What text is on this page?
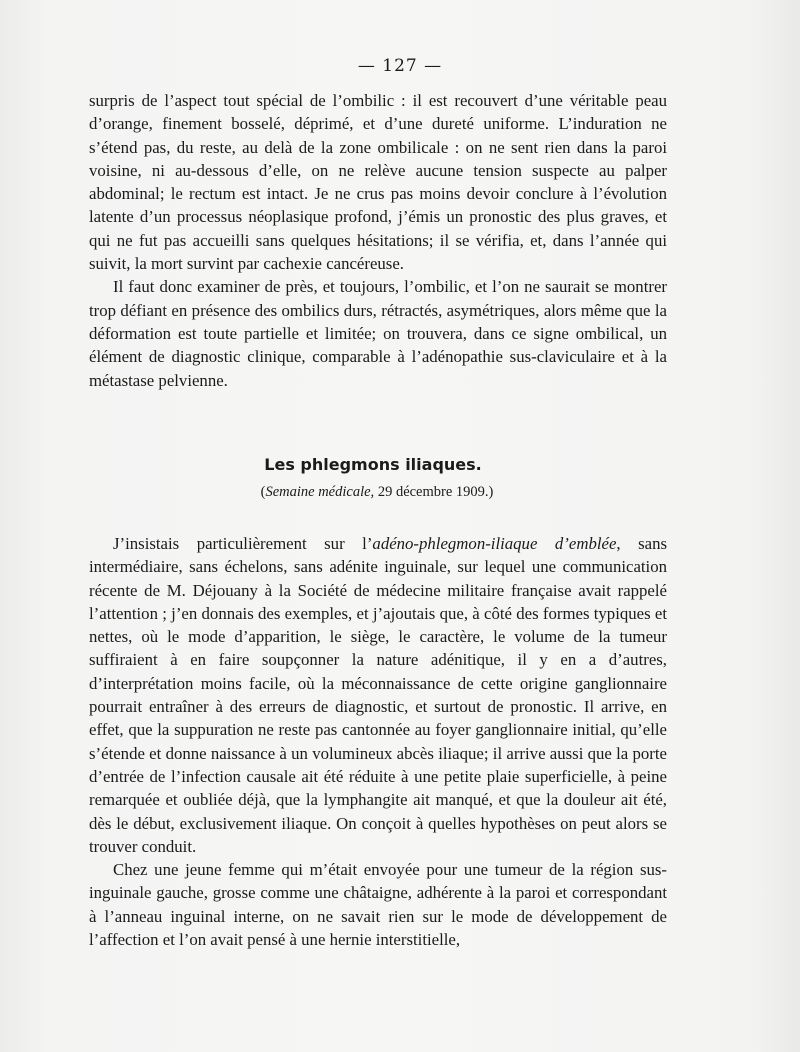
— 127 —

surpris de l’aspect tout spécial de l’ombilic : il est recouvert d’une véritable peau d’orange, finement bosselé, déprimé, et d’une dureté uniforme. L’induration ne s’étend pas, du reste, au delà de la zone ombilicale : on ne sent rien dans la paroi voisine, ni au-dessous d’elle, on ne relève aucune tension suspecte au palper abdominal; le rectum est intact. Je ne crus pas moins devoir conclure à l’évolution latente d’un processus néoplasique profond, j’émis un pronostic des plus graves, et qui ne fut pas accueilli sans quelques hésitations; il se vérifia, et, dans l’année qui suivit, la mort survint par cachexie cancéreuse.

Il faut donc examiner de près, et toujours, l’ombilic, et l’on ne saurait se montrer trop défiant en présence des ombilics durs, rétractés, asymétriques, alors même que la déformation est toute partielle et limitée; on trouvera, dans ce signe ombilical, un élément de diagnostic clinique, comparable à l’adénopathie sus-claviculaire et à la métastase pelvienne.

Les phlegmons iliaques.
(Semaine médicale, 29 décembre 1909.)

J’insistais particulièrement sur l’adéno-phlegmon-iliaque d’emblée, sans intermédiaire, sans échelons, sans adénite inguinale, sur lequel une communication récente de M. Déjouany à la Société de médecine militaire française avait rappelé l’attention ; j’en donnais des exemples, et j’ajoutais que, à côté des formes typiques et nettes, où le mode d’apparition, le siège, le caractère, le volume de la tumeur suffiraient à en faire soupçonner la nature adénitique, il y en a d’autres, d’interprétation moins facile, où la méconnaissance de cette origine ganglionnaire pourrait entraîner à des erreurs de diagnostic, et surtout de pronostic. Il arrive, en effet, que la suppuration ne reste pas cantonnée au foyer ganglionnaire initial, qu’elle s’étende et donne naissance à un volumineux abcès iliaque; il arrive aussi que la porte d’entrée de l’infection causale ait été réduite à une petite plaie superficielle, à peine remarquée et oubliée déjà, que la lymphangite ait manqué, et que la douleur ait été, dès le début, exclusivement iliaque. On conçoit à quelles hypothèses on peut alors se trouver conduit.

Chez une jeune femme qui m’était envoyée pour une tumeur de la région sus-inguinale gauche, grosse comme une châtaigne, adhérente à la paroi et correspondant à l’anneau inguinal interne, on ne savait rien sur le mode de développement de l’affection et l’on avait pensé à une hernie interstitielle,
